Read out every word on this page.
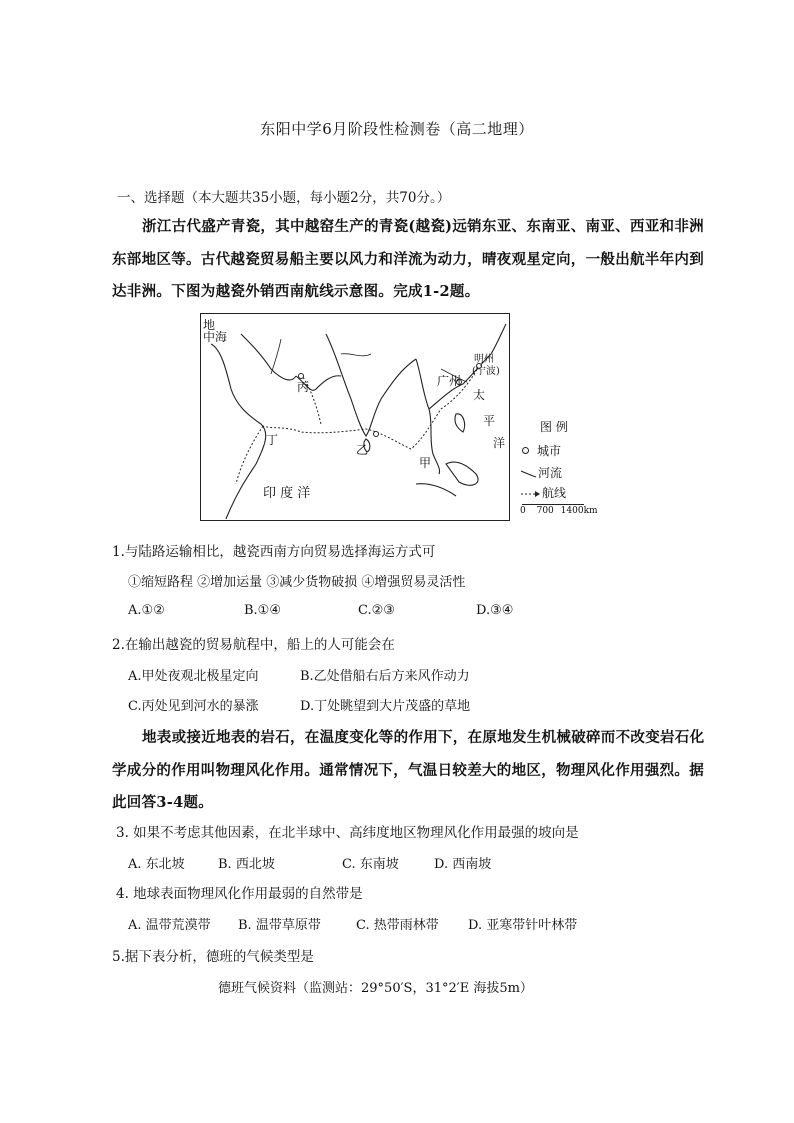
东阳中学6月阶段性检测卷（高二地理）
一、选择题（本大题共35小题，每小题2分，共70分。）
浙江古代盛产青瓷，其中越窑生产的青瓷(越瓷)远销东亚、东南亚、南亚、西亚和非洲
东部地区等。古代越瓷贸易船主要以风力和洋流为动力，晴夜观星定向，一般出航半年内到
达非洲。下图为越瓷外销西南航线示意图。完成1-2题。
地
中海
丙
丁
乙
甲
广州
明州
(宁波)
太
平
洋
印 度 洋
图 例
城市
河流
航线
0 700 1400km
1.与陆路运输相比，越瓷西南方向贸易选择海运方式可
①缩短路程 ②增加运量 ③减少货物破损 ④增强贸易灵活性
A.①②	B.①④	C.②③	D.③④
2.在输出越瓷的贸易航程中，船上的人可能会在
A.甲处夜观北极星定向	B.乙处借船右后方来风作动力
C.丙处见到河水的暴涨	D.丁处眺望到大片茂盛的草地
地表或接近地表的岩石，在温度变化等的作用下，在原地发生机械破碎而不改变岩石化
学成分的作用叫物理风化作用。通常情况下，气温日较差大的地区，物理风化作用强烈。据
此回答3-4题。
3. 如果不考虑其他因素，在北半球中、高纬度地区物理风化作用最强的坡向是
A. 东北坡	B. 西北坡	C. 东南坡	D. 西南坡
4. 地球表面物理风化作用最弱的自然带是
A. 温带荒漠带 B. 温带草原带	C. 热带雨林带 D. 亚寒带针叶林带
5.据下表分析，德班的气候类型是
德班气候资料（监测站：29°50′S，31°2′E 海拔5m）
